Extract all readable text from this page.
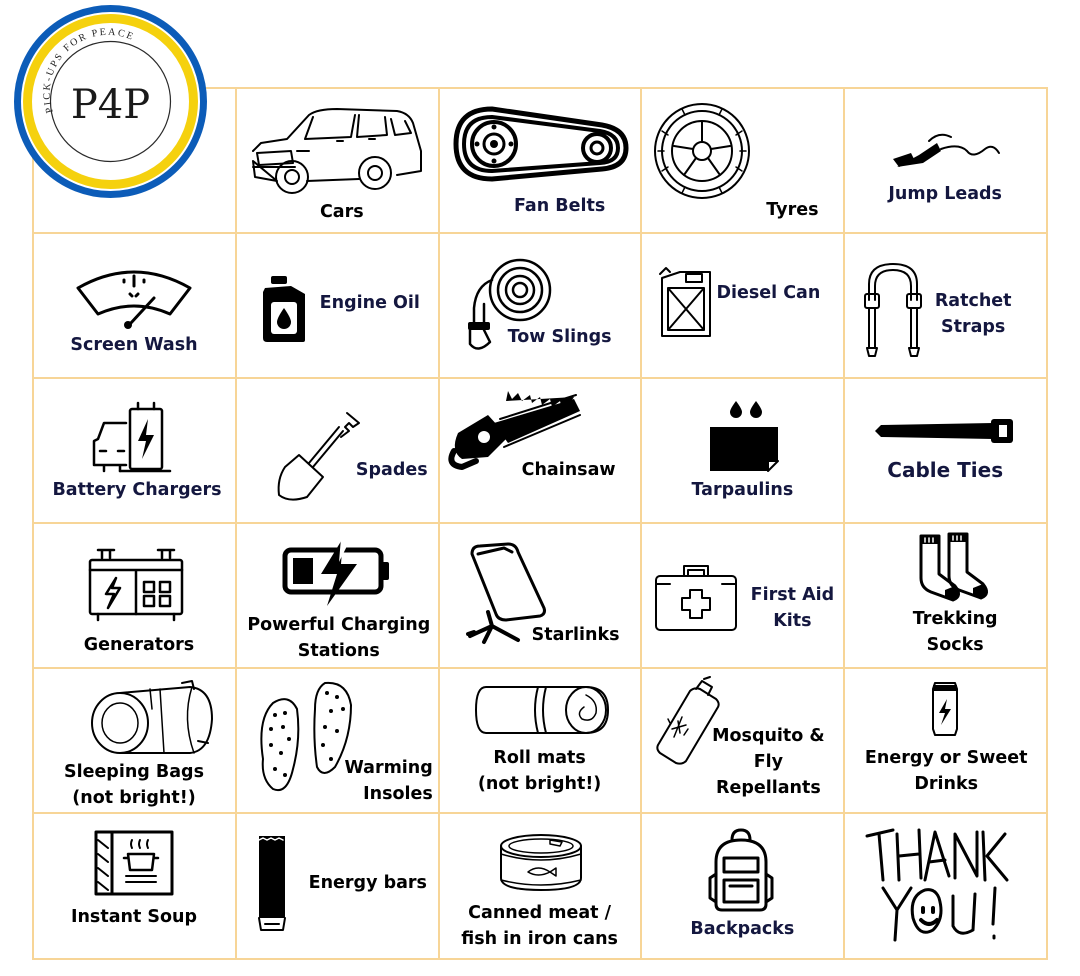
Cars	Fan Belts	Tyres
Jump Leads
Screen Wash
Engine Oil
Tow Slings
Diesel Can	Ratchet
Straps
Battery Chargers
Spades	Chainsaw
Tarpaulins
Cable Ties
Generators
Powerful Charging
Stations
Starlinks
First Aid
Kits	Trekking
Socks
Sleeping Bags
(not bright!)
Warming
Insoles
Roll mats
(not bright!)
Mosquito &
Fly
Repellants
Energy or Sweet
Drinks
Instant Soup
Energy bars
Canned meat /
fish in iron cans	Backpacks
PICK-UPS FOR PEACE
P4P
